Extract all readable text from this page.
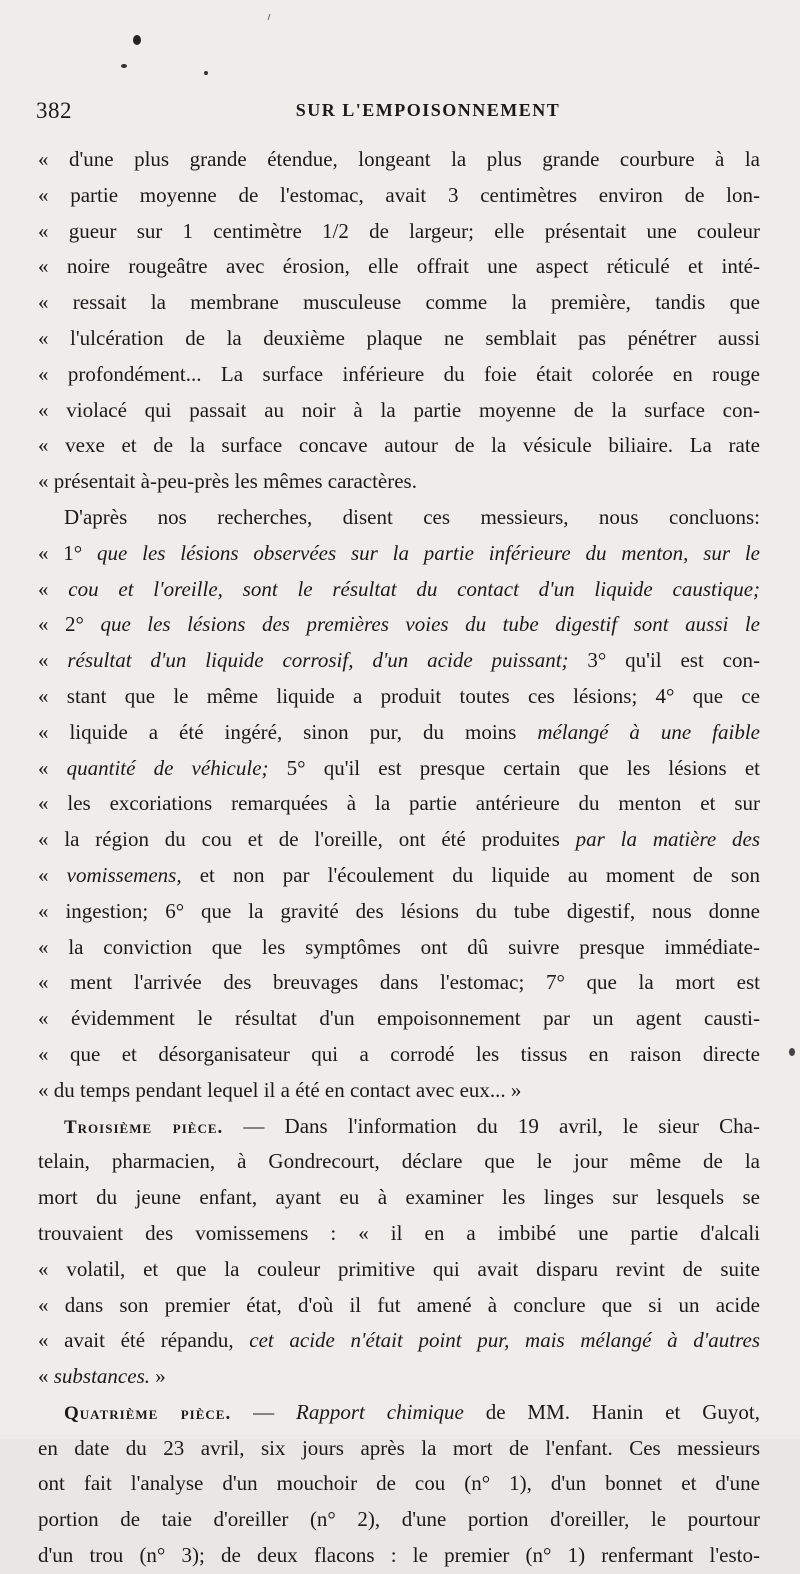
382	SUR L'EMPOISONNEMENT
« d'une plus grande étendue, longeant la plus grande courbure à la
« partie moyenne de l'estomac, avait 3 centimètres environ de lon-
« gueur sur 1 centimètre 1/2 de largeur; elle présentait une couleur
« noire rougeâtre avec érosion, elle offrait une aspect réticulé et inté-
« ressait la membrane musculeuse comme la première, tandis que
« l'ulcération de la deuxième plaque ne semblait pas pénétrer aussi
« profondément... La surface inférieure du foie était colorée en rouge
« violacé qui passait au noir à la partie moyenne de la surface con-
« vexe et de la surface concave autour de la vésicule biliaire. La rate
« présentait à-peu-près les mêmes caractères.
D'après nos recherches, disent ces messieurs, nous concluons:
« 1° que les lésions observées sur la partie inférieure du menton, sur le
« cou et l'oreille, sont le résultat du contact d'un liquide caustique;
« 2° que les lésions des premières voies du tube digestif sont aussi le
« résultat d'un liquide corrosif, d'un acide puissant; 3° qu'il est con-
« stant que le même liquide a produit toutes ces lésions; 4° que ce
« liquide a été ingéré, sinon pur, du moins mélangé à une faible
« quantité de véhicule; 5° qu'il est presque certain que les lésions et
« les excoriations remarquées à la partie antérieure du menton et sur
« la région du cou et de l'oreille, ont été produites par la matière des
« vomissemens, et non par l'écoulement du liquide au moment de son
« ingestion; 6° que la gravité des lésions du tube digestif, nous donne
« la conviction que les symptômes ont dû suivre presque immédiate-
« ment l'arrivée des breuvages dans l'estomac; 7° que la mort est
« évidemment le résultat d'un empoisonnement par un agent causti-
« que et désorganisateur qui a corrodé les tissus en raison directe
« du temps pendant lequel il a été en contact avec eux... »
Troisième pièce. — Dans l'information du 19 avril, le sieur Cha-
telain, pharmacien, à Gondrecourt, déclare que le jour même de la
mort du jeune enfant, ayant eu à examiner les linges sur lesquels se
trouvaient des vomissemens : « il en a imbibé une partie d'alcali
« volatil, et que la couleur primitive qui avait disparu revint de suite
« dans son premier état, d'où il fut amené à conclure que si un acide
« avait été répandu, cet acide n'était point pur, mais mélangé à d'autres
« substances. »
Quatrième pièce. — Rapport chimique de MM. Hanin et Guyot,
en date du 23 avril, six jours après la mort de l'enfant. Ces messieurs
ont fait l'analyse d'un mouchoir de cou (n° 1), d'un bonnet et d'une
portion de taie d'oreiller (n° 2), d'une portion d'oreiller, le pourtour
d'un trou (n° 3); de deux flacons : le premier (n° 1) renfermant l'esto-
